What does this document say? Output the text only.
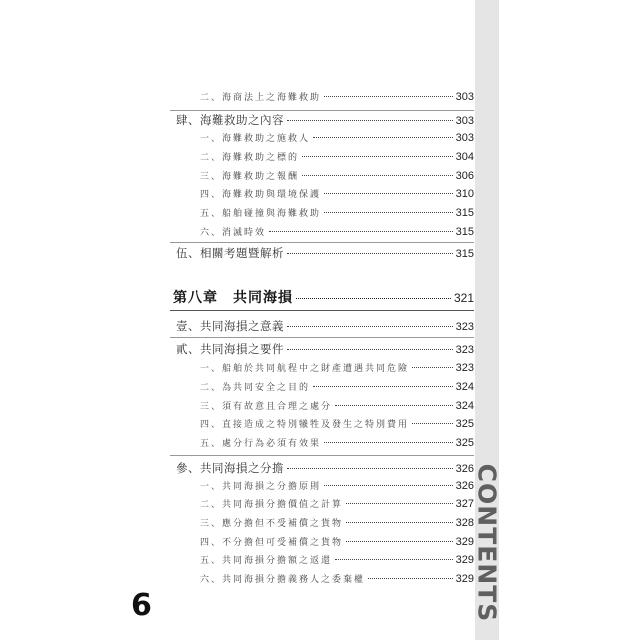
CONTENTS
二、海商法上之海難救助	303
肆、海難救助之內容	303
一、海難救助之施救人	303
二、海難救助之標的	304
三、海難救助之報酬	306
四、海難救助與環境保護	310
五、船舶碰撞與海難救助	315
六、消滅時效	315
伍、相關考題暨解析	315
第八章　共同海損	321
壹、共同海損之意義	323
貳、共同海損之要件	323
一、船舶於共同航程中之財產遭遇共同危險	323
二、為共同安全之目的	324
三、須有故意且合理之處分	324
四、直接造成之特別犧牲及發生之特別費用	325
五、處分行為必須有效果	325
參、共同海損之分擔	326
一、共同海損之分擔原則	326
二、共同海損分擔價值之計算	327
三、應分擔但不受補償之貨物	328
四、不分擔但可受補償之貨物	329
五、共同海損分擔額之返還	329
六、共同海損分擔義務人之委棄權	329
6
